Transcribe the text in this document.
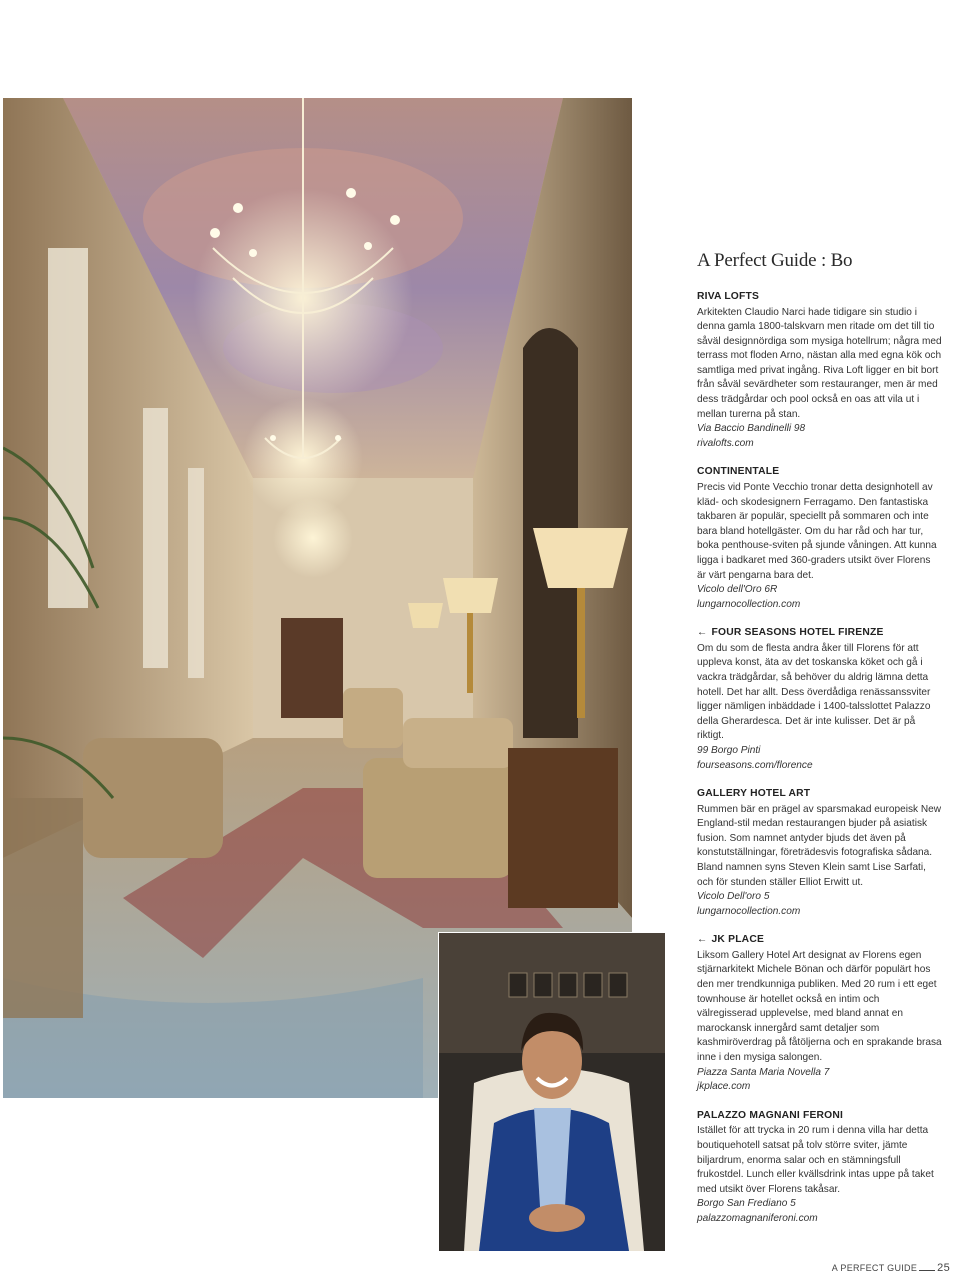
A Perfect Guide : Bo

RIVA LOFTS

Arkitekten Claudio Narci hade tidigare sin studio i denna gamla 1800-talskvarn men ritade om det till tio såväl designnördiga som mysiga hotellrum; några med terrass mot floden Arno, nästan alla med egna kök och samtliga med privat ingång. Riva Loft ligger en bit bort från såväl sevärdheter som restauranger, men är med dess trädgårdar och pool också en oas att vila ut i mellan turerna på stan.

Via Baccio Bandinelli 98
rivalofts.com

CONTINENTALE

Precis vid Ponte Vecchio tronar detta designhotell av kläd- och skodesignern Ferragamo. Den fantastiska takbaren är populär, speciellt på sommaren och inte bara bland hotellgäster. Om du har råd och har tur, boka penthouse-sviten på sjunde våningen. Att kunna ligga i badkaret med 360-graders utsikt över Florens är värt pengarna bara det.

Vicolo dell'Oro 6R
lungarnocollection.com

← FOUR SEASONS HOTEL FIRENZE

Om du som de flesta andra åker till Florens för att uppleva konst, äta av det toskanska köket och gå i vackra trädgårdar, så behöver du aldrig lämna detta hotell. Det har allt. Dess överdådiga renässanssviter ligger nämligen inbäddade i 1400-talsslottet Palazzo della Gherardesca. Det är inte kulisser. Det är på riktigt.

99 Borgo Pinti
fourseasons.com/florence

GALLERY HOTEL ART

Rummen bär en prägel av sparsmakad europeisk New England-stil medan restaurangen bjuder på asiatisk fusion. Som namnet antyder bjuds det även på konstutställningar, företrädesvis fotografiska sådana. Bland namnen syns Steven Klein samt Lise Sarfati, och för stunden ställer Elliot Erwitt ut.

Vicolo Dell'oro 5
lungarnocollection.com

← JK PLACE

Liksom Gallery Hotel Art designat av Florens egen stjärnarkitekt Michele Bönan och därför populärt hos den mer trendkunniga publiken. Med 20 rum i ett eget townhouse är hotellet också en intim och välregisserad upplevelse, med bland annat en marockansk innergård samt detaljer som kashmiröverdrag på fåtöljerna och en sprakande brasa inne i den mysiga salongen.

Piazza Santa Maria Novella 7
jkplace.com

PALAZZO MAGNANI FERONI

Istället för att trycka in 20 rum i denna villa har detta boutiquehotell satsat på tolv större sviter, jämte biljardrum, enorma salar och en stämningsfull frukostdel. Lunch eller kvällsdrink intas uppe på taket med utsikt över Florens takåsar.

Borgo San Frediano 5
palazzomagnaniferoni.com
A PERFECT GUIDE 25
